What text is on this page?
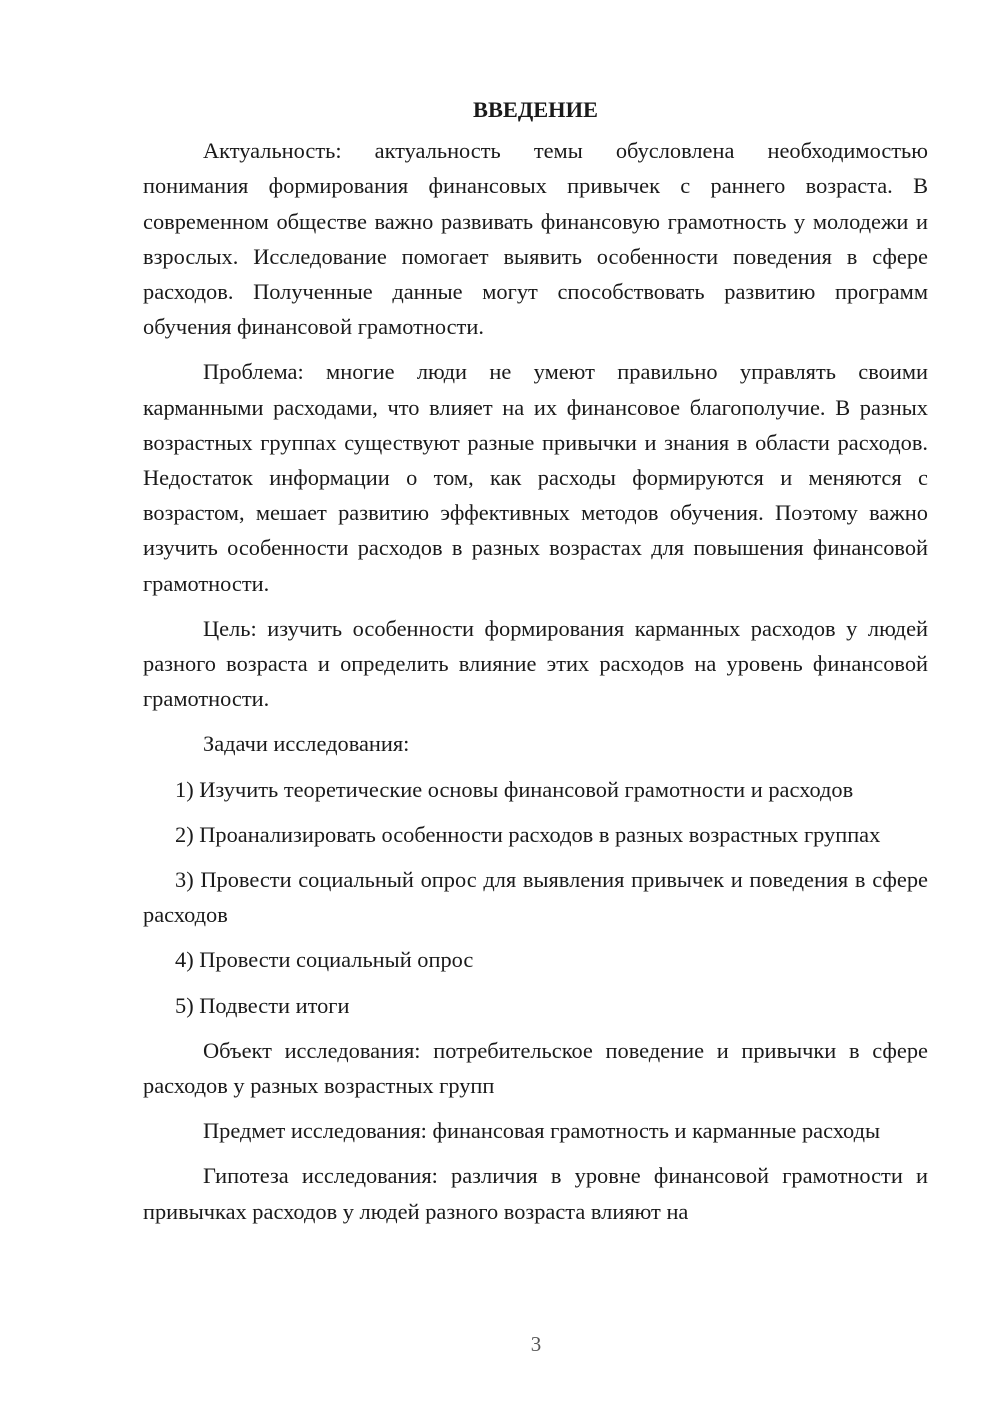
ВВЕДЕНИЕ

Актуальность: актуальность темы обусловлена необходимостью понимания формирования финансовых привычек с раннего возраста. В современном обществе важно развивать финансовую грамотность у молодежи и взрослых. Исследование помогает выявить особенности поведения в сфере расходов. Полученные данные могут способствовать развитию программ обучения финансовой грамотности.

Проблема: многие люди не умеют правильно управлять своими карманными расходами, что влияет на их финансовое благополучие. В разных возрастных группах существуют разные привычки и знания в области расходов. Недостаток информации о том, как расходы формируются и меняются с возрастом, мешает развитию эффективных методов обучения. Поэтому важно изучить особенности расходов в разных возрастах для повышения финансовой грамотности.

Цель: изучить особенности формирования карманных расходов у людей разного возраста и определить влияние этих расходов на уровень финансовой грамотности.

Задачи исследования:

1) Изучить теоретические основы финансовой грамотности и расходов

2) Проанализировать особенности расходов в разных возрастных группах

3) Провести социальный опрос для выявления привычек и поведения в сфере расходов

4) Провести социальный опрос

5) Подвести итоги

Объект исследования: потребительское поведение и привычки в сфере расходов у разных возрастных групп

Предмет исследования: финансовая грамотность и карманные расходы

Гипотеза исследования: различия в уровне финансовой грамотности и привычках расходов у людей разного возраста влияют на

3
